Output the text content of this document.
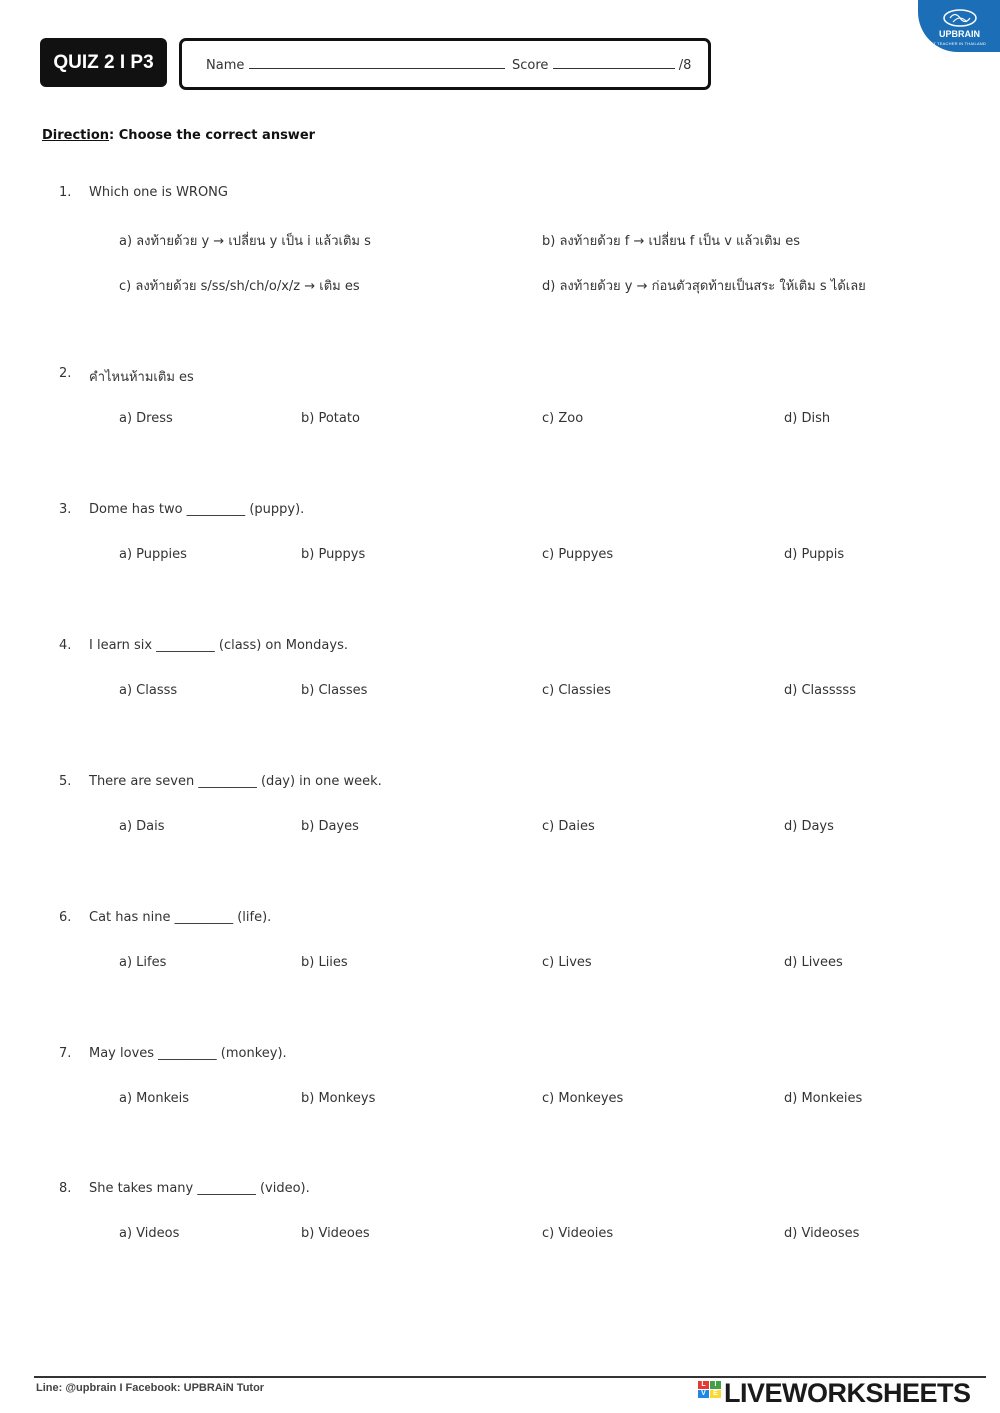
QUIZ 2 I P3	Name	Score	/8
UPBRAIN
BEST TEACHER IN THAILAND
Direction: Choose the correct answer
1. Which one is WRONG
a) ลงท้ายด้วย y → เปลี่ยน y เป็น i แล้วเติม s	b) ลงท้ายด้วย f → เปลี่ยน f เป็น v แล้วเติม es
c) ลงท้ายด้วย s/ss/sh/ch/o/x/z → เติม es	d) ลงท้ายด้วย y → ก่อนตัวสุดท้ายเป็นสระ ให้เติม s ได้เลย
2. คำไหนห้ามเติม es
a) Dress	b) Potato	c) Zoo	d) Dish
3. Dome has two _________ (puppy).
a) Puppies	b) Puppys	c) Puppyes	d) Puppis
4. I learn six _________ (class) on Mondays.
a) Classs	b) Classes	c) Classies	d) Classsss
5. There are seven _________ (day) in one week.
a) Dais	b) Dayes	c) Daies	d) Days
6. Cat has nine _________ (life).
a) Lifes	b) Liies	c) Lives	d) Livees
7. May loves _________ (monkey).
a) Monkeis	b) Monkeys	c) Monkeyes	d) Monkeies
8. She takes many _________ (video).
a) Videos	b) Videoes	c) Videoies	d) Videoses
Line: @upbrain I Facebook: UPBRAiN Tutor	L	I
V	E LIVEWORKSHEETS
